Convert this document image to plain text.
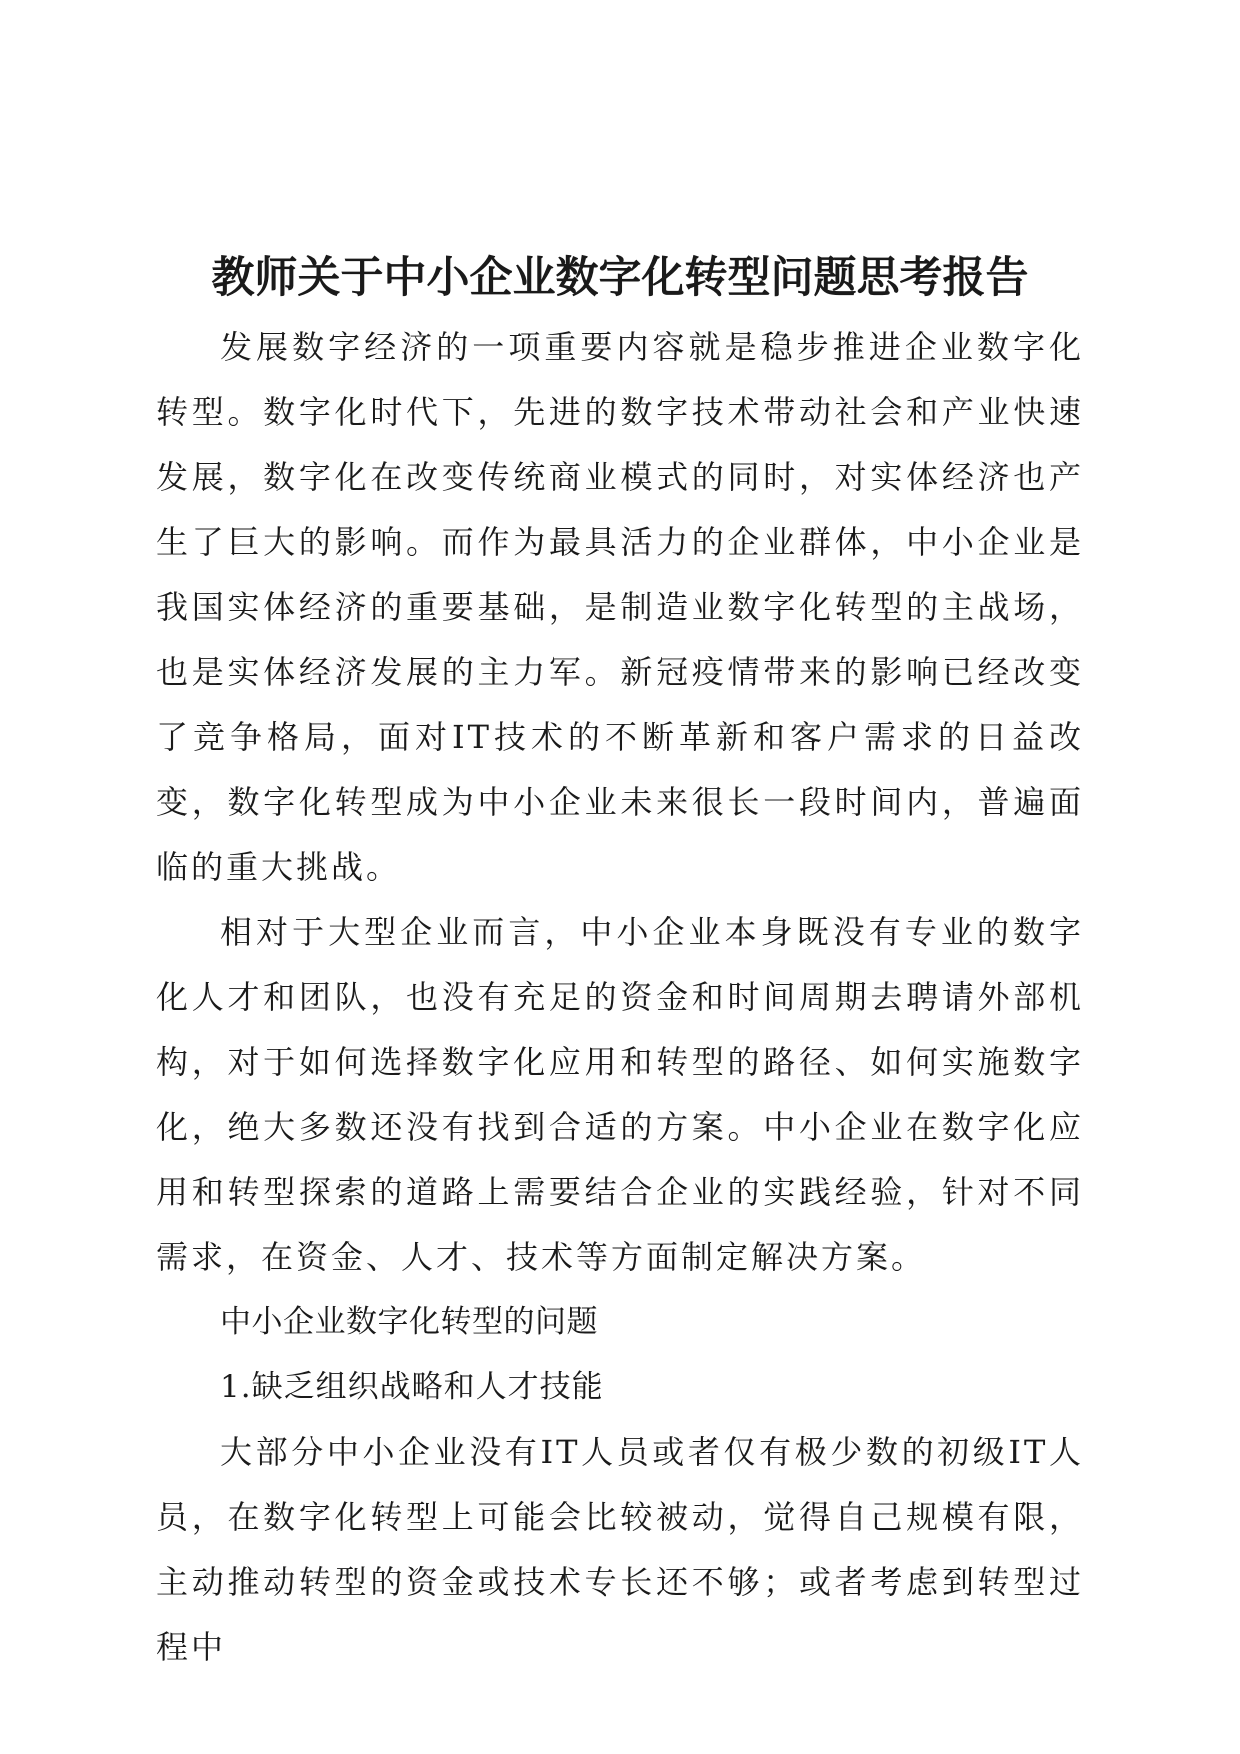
教师关于中小企业数字化转型问题思考报告

发展数字经济的一项重要内容就是稳步推进企业数字化转型。数字化时代下，先进的数字技术带动社会和产业快速发展，数字化在改变传统商业模式的同时，对实体经济也产生了巨大的影响。而作为最具活力的企业群体，中小企业是我国实体经济的重要基础，是制造业数字化转型的主战场，也是实体经济发展的主力军。新冠疫情带来的影响已经改变了竞争格局，面对IT技术的不断革新和客户需求的日益改变，数字化转型成为中小企业未来很长一段时间内，普遍面临的重大挑战。

相对于大型企业而言，中小企业本身既没有专业的数字化人才和团队，也没有充足的资金和时间周期去聘请外部机构，对于如何选择数字化应用和转型的路径、如何实施数字化，绝大多数还没有找到合适的方案。中小企业在数字化应用和转型探索的道路上需要结合企业的实践经验，针对不同需求，在资金、人才、技术等方面制定解决方案。

中小企业数字化转型的问题

1.缺乏组织战略和人才技能

大部分中小企业没有IT人员或者仅有极少数的初级IT人员，在数字化转型上可能会比较被动，觉得自己规模有限，主动推动转型的资金或技术专长还不够；或者考虑到转型过程中
